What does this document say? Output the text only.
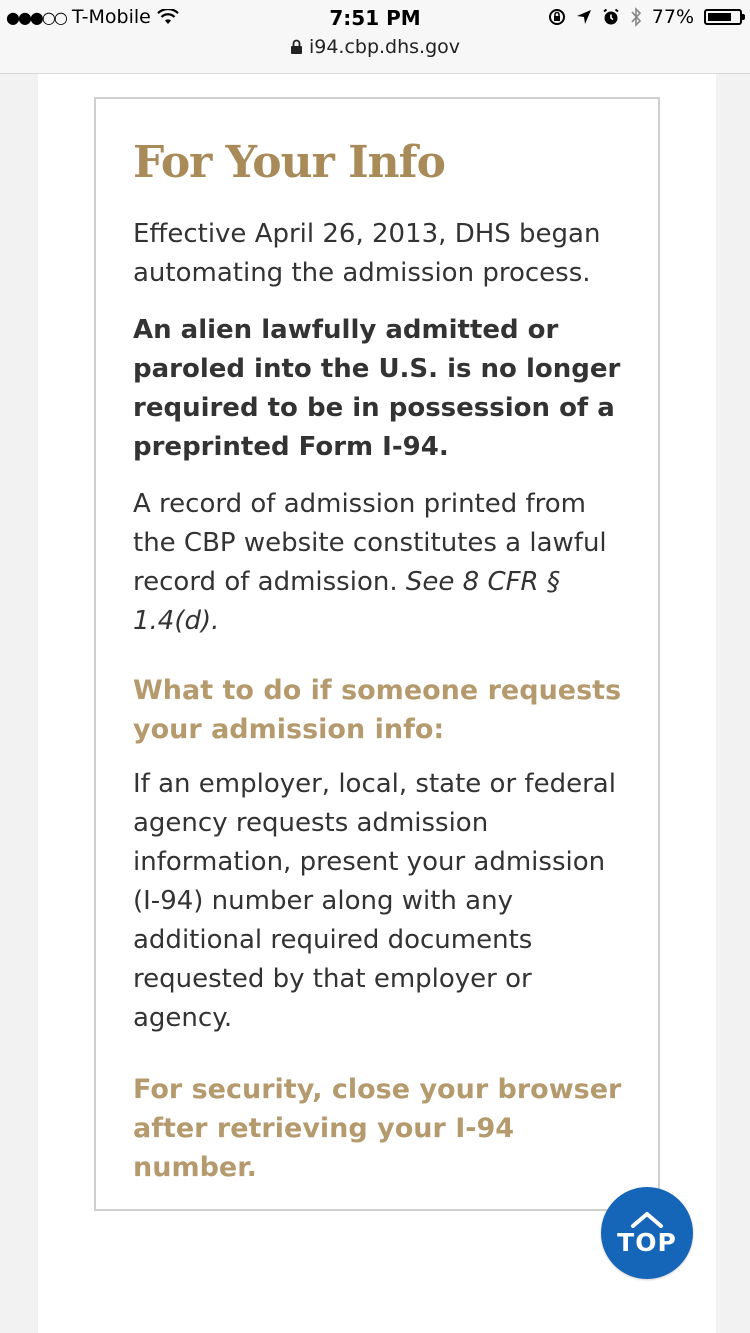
●●●○○ T-Mobile	7:51 PM	77%
i94.cbp.dhs.gov
For Your Info

Effective April 26, 2013, DHS began automating the admission process.

An alien lawfully admitted or paroled into the U.S. is no longer required to be in possession of a preprinted Form I-94.

A record of admission printed from the CBP website constitutes a lawful record of admission. See 8 CFR § 1.4(d).

What to do if someone requests your admission info:

If an employer, local, state or federal agency requests admission information, present your admission (I-94) number along with any additional required documents requested by that employer or agency.

For security, close your browser after retrieving your I-94 number.

TOP
